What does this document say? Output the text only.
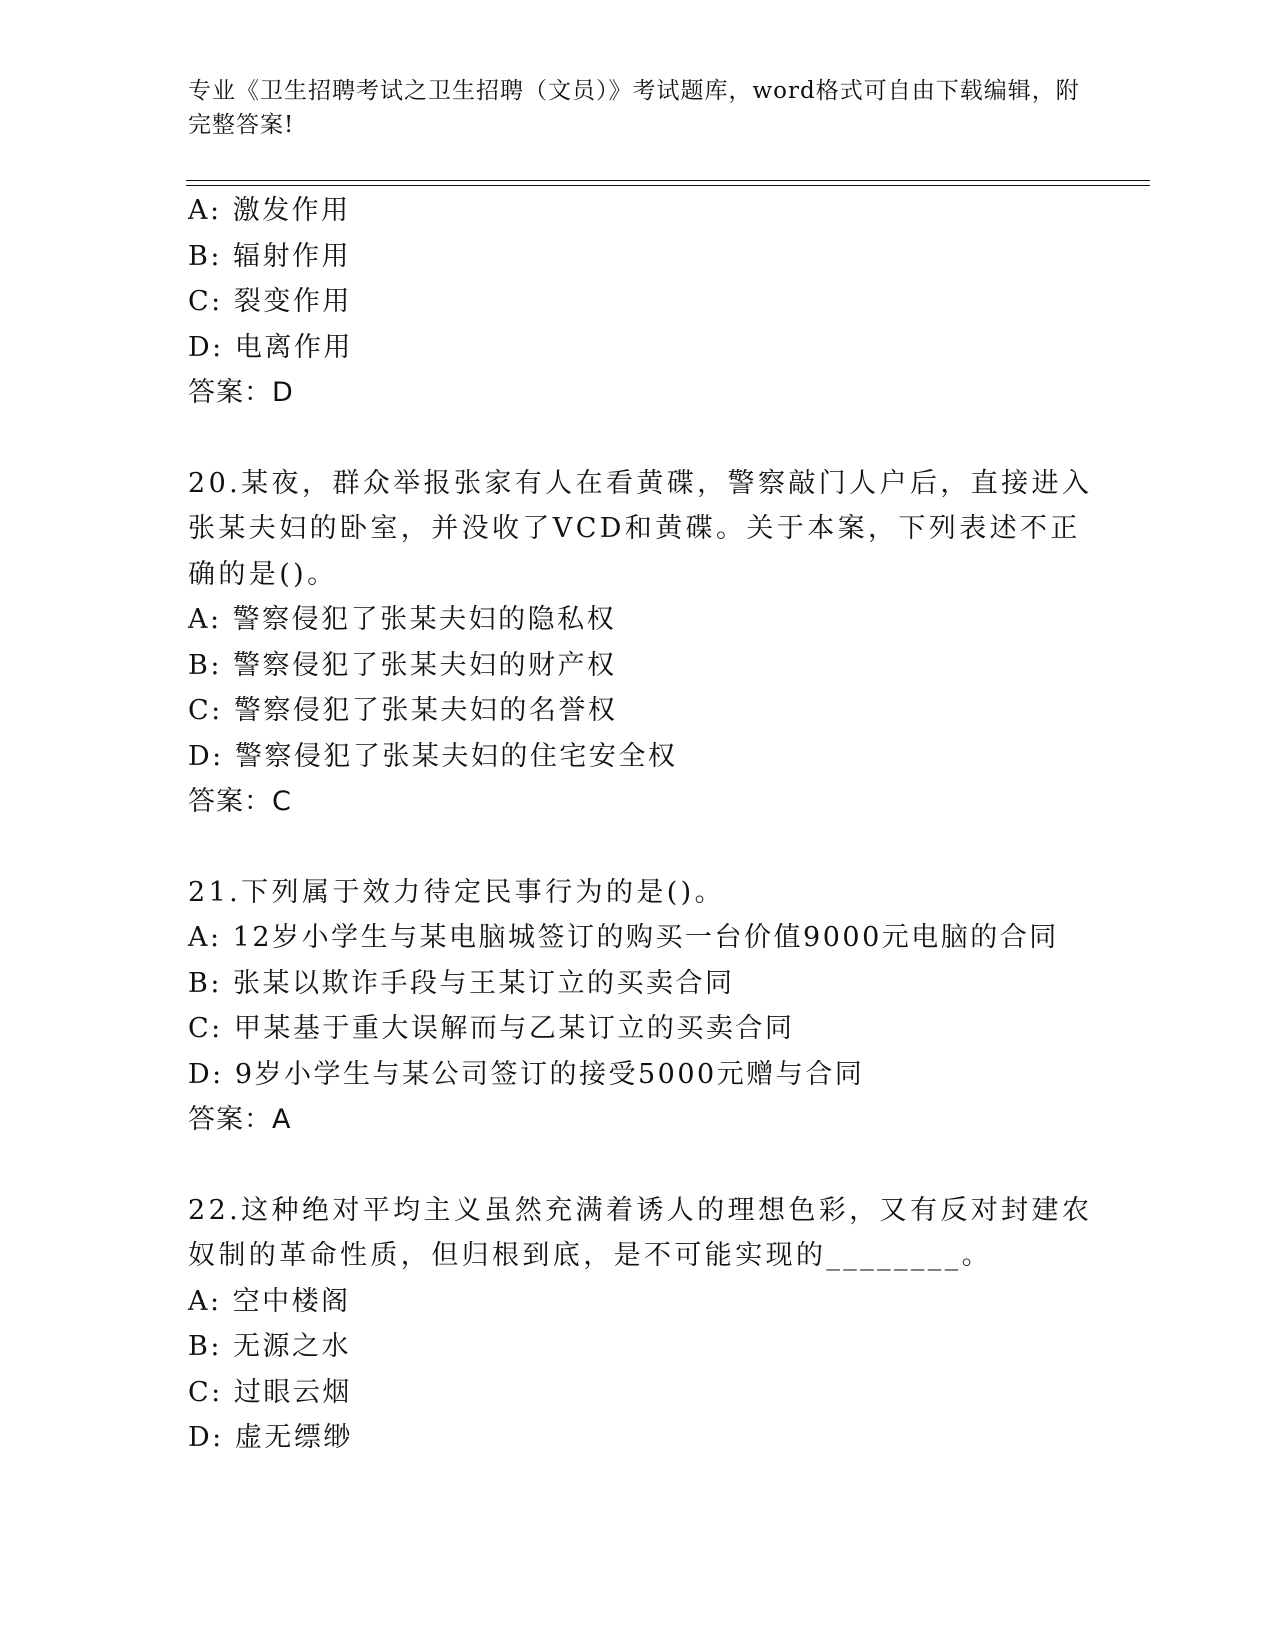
专业《卫生招聘考试之卫生招聘（文员）》考试题库，word格式可自由下载编辑，附完整答案!
A: 激发作用
B: 辐射作用
C: 裂变作用
D: 电离作用
答案：D
20.某夜，群众举报张家有人在看黄碟，警察敲门人户后，直接进入张某夫妇的卧室，并没收了VCD和黄碟。关于本案，下列表述不正确的是()。
A: 警察侵犯了张某夫妇的隐私权
B: 警察侵犯了张某夫妇的财产权
C: 警察侵犯了张某夫妇的名誉权
D: 警察侵犯了张某夫妇的住宅安全权
答案：C
21.下列属于效力待定民事行为的是()。
A: 12岁小学生与某电脑城签订的购买一台价值9000元电脑的合同
B: 张某以欺诈手段与王某订立的买卖合同
C: 甲某基于重大误解而与乙某订立的买卖合同
D: 9岁小学生与某公司签订的接受5000元赠与合同
答案：A
22.这种绝对平均主义虽然充满着诱人的理想色彩，又有反对封建农奴制的革命性质，但归根到底，是不可能实现的________。
A: 空中楼阁
B: 无源之水
C: 过眼云烟
D: 虚无缥缈
